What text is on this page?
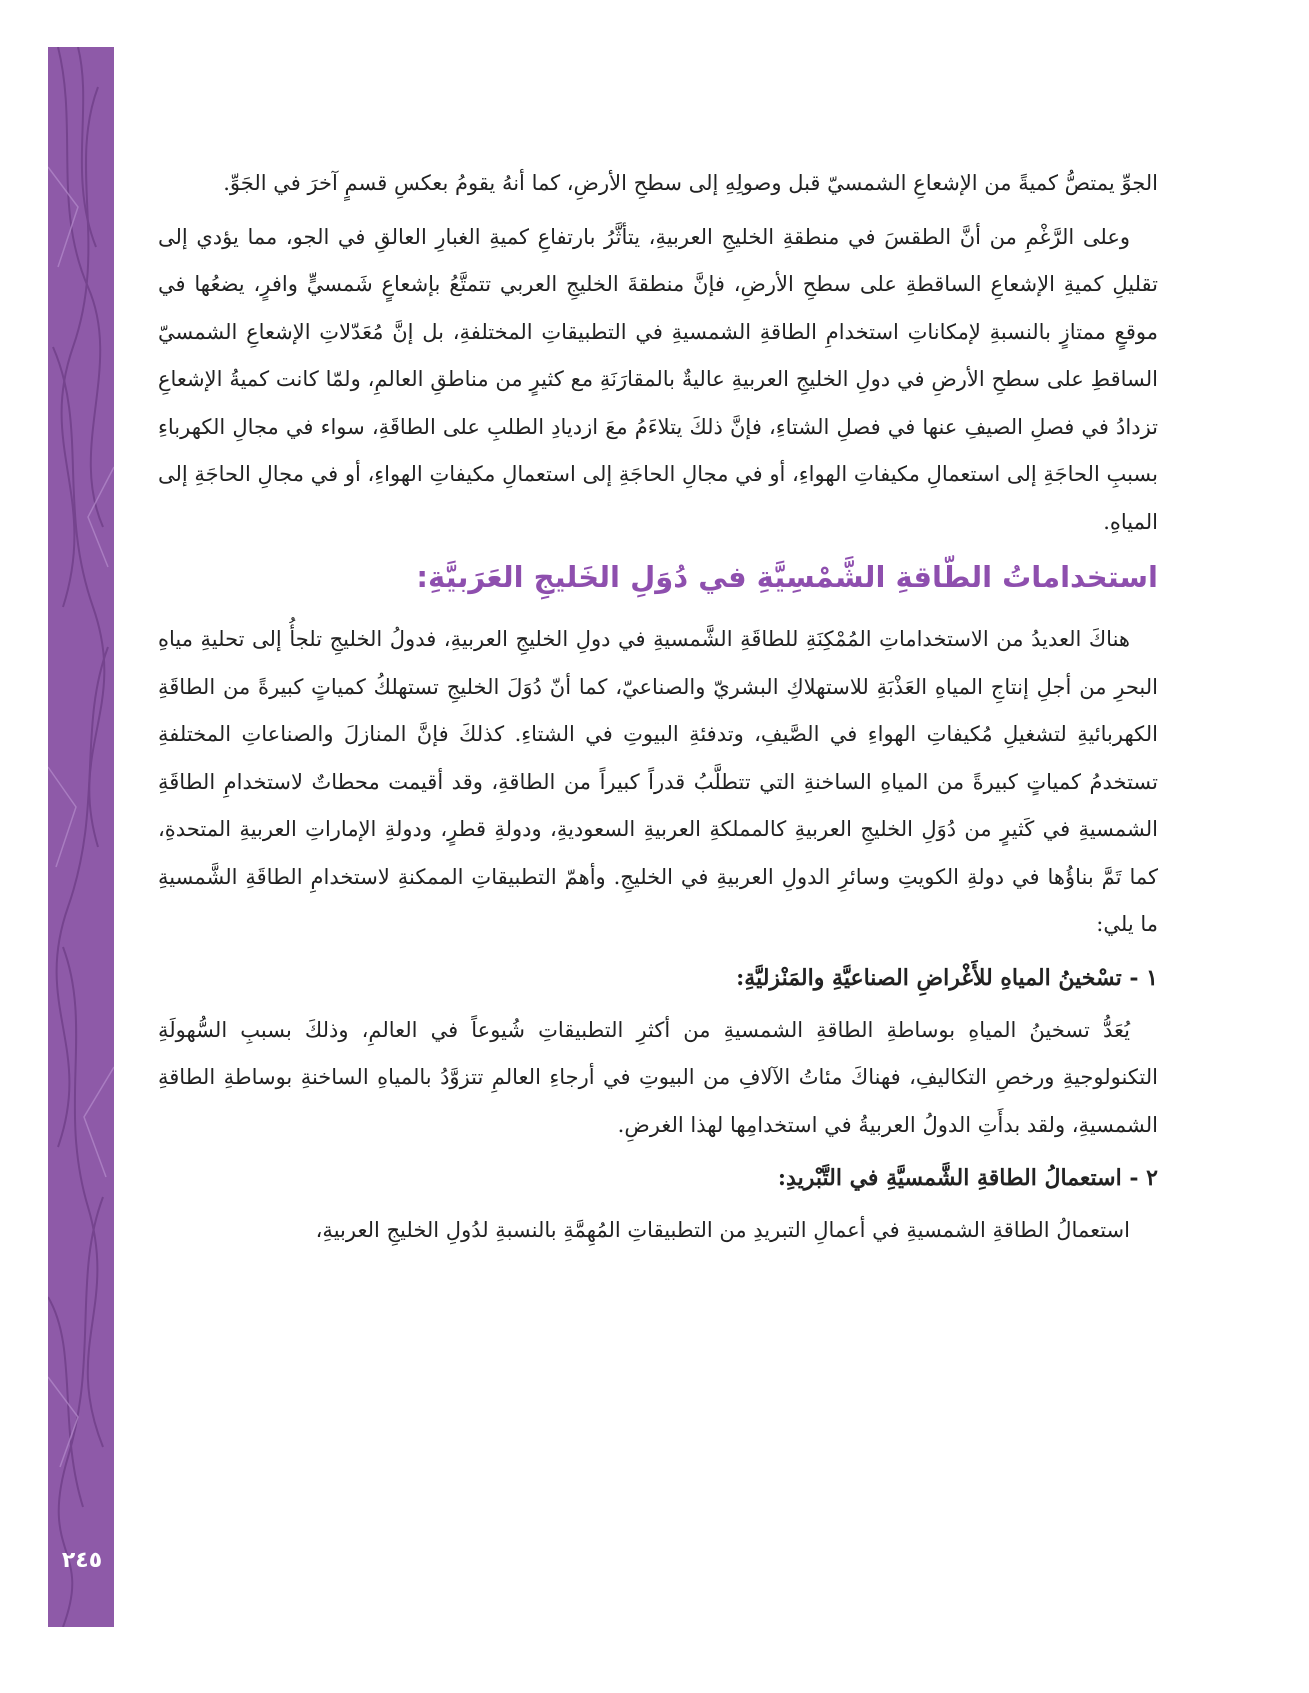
٢٤٥

الجوِّ يمتصُّ كميةً من الإشعاعِ الشمسيّ قبل وصولِهِ إلى سطحِ الأرضِ، كما أنهُ يقومُ بعكسِ قسمٍ آخرَ في الجَوِّ.

وعلى الرَّغْمِ من أنَّ الطقسَ في منطقةِ الخليجِ العربيةِ، يتأثَّرُ بارتفاعِ كميةِ الغبارِ العالقِ في الجو، مما يؤدي إلى تقليلِ كميةِ الإشعاعِ الساقطةِ على سطحِ الأرضِ، فإنَّ منطقةَ الخليجِ العربي تتمتَّعُ بإشعاعٍ شَمسيٍّ وافرٍ، يضعُها في موقعٍ ممتازٍ بالنسبةِ لإمكاناتِ استخدامِ الطاقةِ الشمسيةِ في التطبيقاتِ المختلفةِ، بل إنَّ مُعَدّلاتِ الإشعاعِ الشمسيّ الساقطِ على سطحِ الأرضِ في دولِ الخليجِ العربيةِ عاليةٌ بالمقارَنَةِ مع كثيرٍ من مناطقِ العالمِ، ولمّا كانت كميةُ الإشعاعِ تزدادُ في فصلِ الصيفِ عنها في فصلِ الشتاءِ، فإنَّ ذلكَ يتلاءَمُ معَ ازديادِ الطلبِ على الطاقَةِ، سواء في مجالِ الكهرباءِ بسببِ الحاجَةِ إلى استعمالِ مكيفاتِ الهواءِ، أو في مجالِ الحاجَةِ إلى استعمالِ مكيفاتِ الهواءِ، أو في مجالِ الحاجَةِ إلى المياهِ.

استخداماتُ الطّاقةِ الشَّمْسِيَّةِ في دُوَلِ الخَليجِ العَرَبيَّةِ:

هناكَ العديدُ من الاستخداماتِ المُمْكِنَةِ للطاقَةِ الشَّمسيةِ في دولِ الخليجِ العربيةِ، فدولُ الخليجِ تلجأُ إلى تحليةِ مياهِ البحرِ من أجلِ إنتاجِ المياهِ العَذْبَةِ للاستهلاكِ البشريّ والصناعيّ، كما أنّ دُوَلَ الخليجِ تستهلكُ كمياتٍ كبيرةً من الطاقَةِ الكهربائيةِ لتشغيلِ مُكيفاتِ الهواءِ في الصَّيفِ، وتدفئةِ البيوتِ في الشتاءِ. كذلكَ فإنَّ المنازلَ والصناعاتِ المختلفةِ تستخدمُ كمياتٍ كبيرةً من المياهِ الساخنةِ التي تتطلَّبُ قدراً كبيراً من الطاقةِ، وقد أقيمت محطاتٌ لاستخدامِ الطاقَةِ الشمسيةِ في كَثيرٍ من دُوَلِ الخليجِ العربيةِ كالمملكةِ العربيةِ السعوديةِ، ودولةِ قطرٍ، ودولةِ الإماراتِ العربيةِ المتحدةِ، كما تَمَّ بناؤُها في دولةِ الكويتِ وسائرِ الدولِ العربيةِ في الخليجِ. وأهمّ التطبيقاتِ الممكنةِ لاستخدامِ الطاقَةِ الشَّمسيةِ ما يلي:

١ - تسْخينُ المياهِ للأَغْراضِ الصناعيَّةِ والمَنْزليَّةِ:

يُعَدُّ تسخينُ المياهِ بوساطةِ الطاقةِ الشمسيةِ من أكثرِ التطبيقاتِ شُيوعاً في العالمِ، وذلكَ بسببِ السُّهولَةِ التكنولوجيةِ ورخصِ التكاليفِ، فهناكَ مئاتُ الآلافِ من البيوتِ في أرجاءِ العالمِ تتزوَّدُ بالمياهِ الساخنةِ بوساطةِ الطاقةِ الشمسيةِ، ولقد بدأَتِ الدولُ العربيةُ في استخدامِها لهذا الغرضِ.

٢ - استعمالُ الطاقةِ الشَّمسيَّةِ في التَّبْريدِ:

استعمالُ الطاقةِ الشمسيةِ في أعمالِ التبريدِ من التطبيقاتِ المُهِمَّةِ بالنسبةِ لدُولِ الخليجِ العربيةِ،
